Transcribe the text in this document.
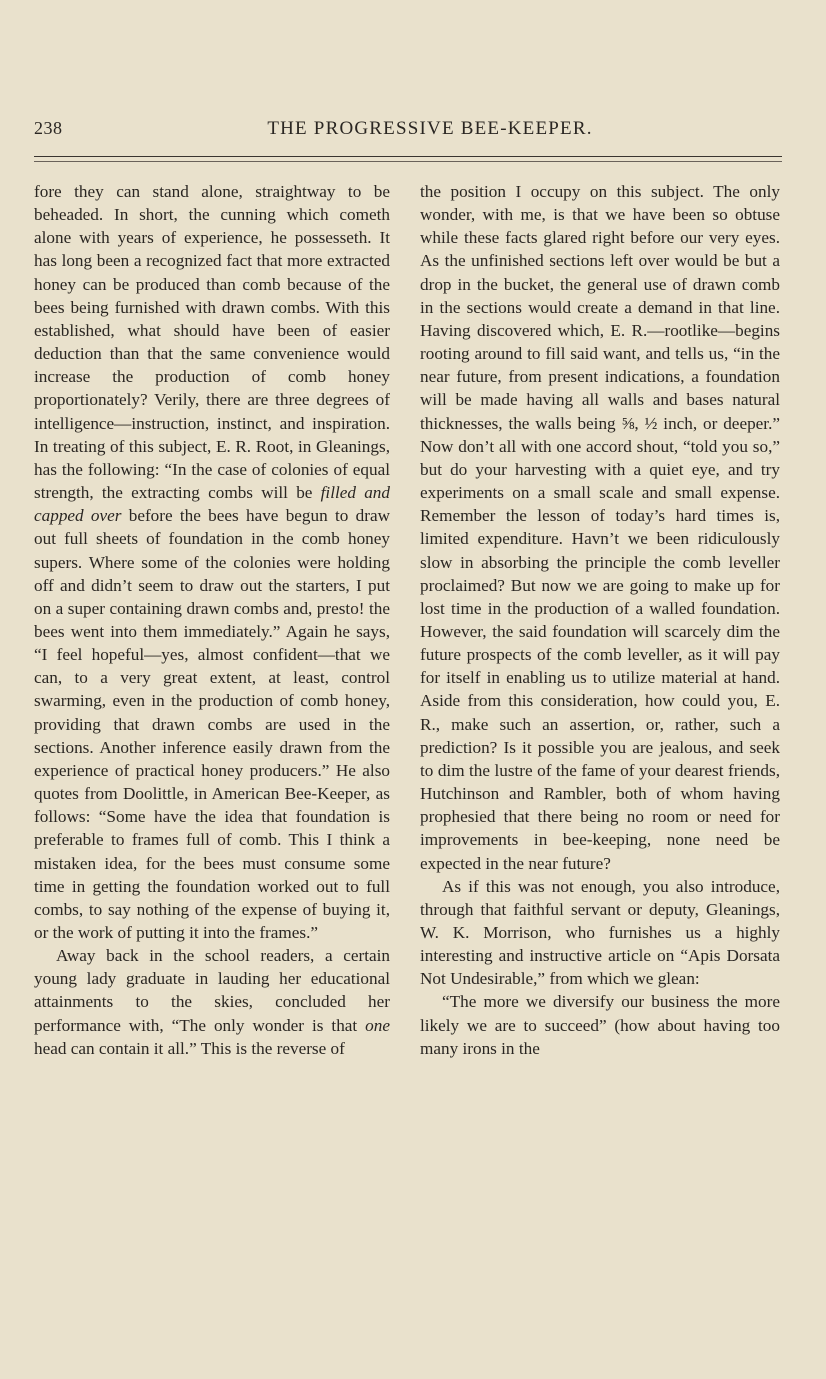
238	THE PROGRESSIVE BEE-KEEPER.

fore they can stand alone, straightway to be beheaded. In short, the cunning which cometh alone with years of experience, he possesseth. It has long been a recognized fact that more extracted honey can be produced than comb because of the bees being furnished with drawn combs. With this established, what should have been of easier deduction than that the same convenience would increase the production of comb honey proportionately? Verily, there are three degrees of intelligence—instruction, instinct, and inspiration. In treating of this subject, E. R. Root, in Gleanings, has the following: “In the case of colonies of equal strength, the extracting combs will be filled and capped over before the bees have begun to draw out full sheets of foundation in the comb honey supers. Where some of the colonies were holding off and didn’t seem to draw out the starters, I put on a super containing drawn combs and, presto! the bees went into them immediately.” Again he says, “I feel hopeful—yes, almost confident—that we can, to a very great extent, at least, control swarming, even in the production of comb honey, providing that drawn combs are used in the sections. Another inference easily drawn from the experience of practical honey producers.” He also quotes from Doolittle, in American Bee-Keeper, as follows: “Some have the idea that foundation is preferable to frames full of comb. This I think a mistaken idea, for the bees must consume some time in getting the foundation worked out to full combs, to say nothing of the expense of buying it, or the work of putting it into the frames.”

Away back in the school readers, a certain young lady graduate in lauding her educational attainments to the skies, concluded her performance with, “The only wonder is that one head can contain it all.” This is the reverse of

the position I occupy on this subject. The only wonder, with me, is that we have been so obtuse while these facts glared right before our very eyes. As the unfinished sections left over would be but a drop in the bucket, the general use of drawn comb in the sections would create a demand in that line. Having discovered which, E. R.—rootlike—begins rooting around to fill said want, and tells us, “in the near future, from present indications, a foundation will be made having all walls and bases natural thicknesses, the walls being ⅝, ½ inch, or deeper.” Now don’t all with one accord shout, “told you so,” but do your harvesting with a quiet eye, and try experiments on a small scale and small expense. Remember the lesson of today’s hard times is, limited expenditure. Havn’t we been ridiculously slow in absorbing the principle the comb leveller proclaimed? But now we are going to make up for lost time in the production of a walled foundation. However, the said foundation will scarcely dim the future prospects of the comb leveller, as it will pay for itself in enabling us to utilize material at hand. Aside from this consideration, how could you, E. R., make such an assertion, or, rather, such a prediction? Is it possible you are jealous, and seek to dim the lustre of the fame of your dearest friends, Hutchinson and Rambler, both of whom having prophesied that there being no room or need for improvements in bee-keeping, none need be expected in the near future?

As if this was not enough, you also introduce, through that faithful servant or deputy, Gleanings, W. K. Morrison, who furnishes us a highly interesting and instructive article on “Apis Dorsata Not Undesirable,” from which we glean:

“The more we diversify our business the more likely we are to succeed” (how about having too many irons in the
